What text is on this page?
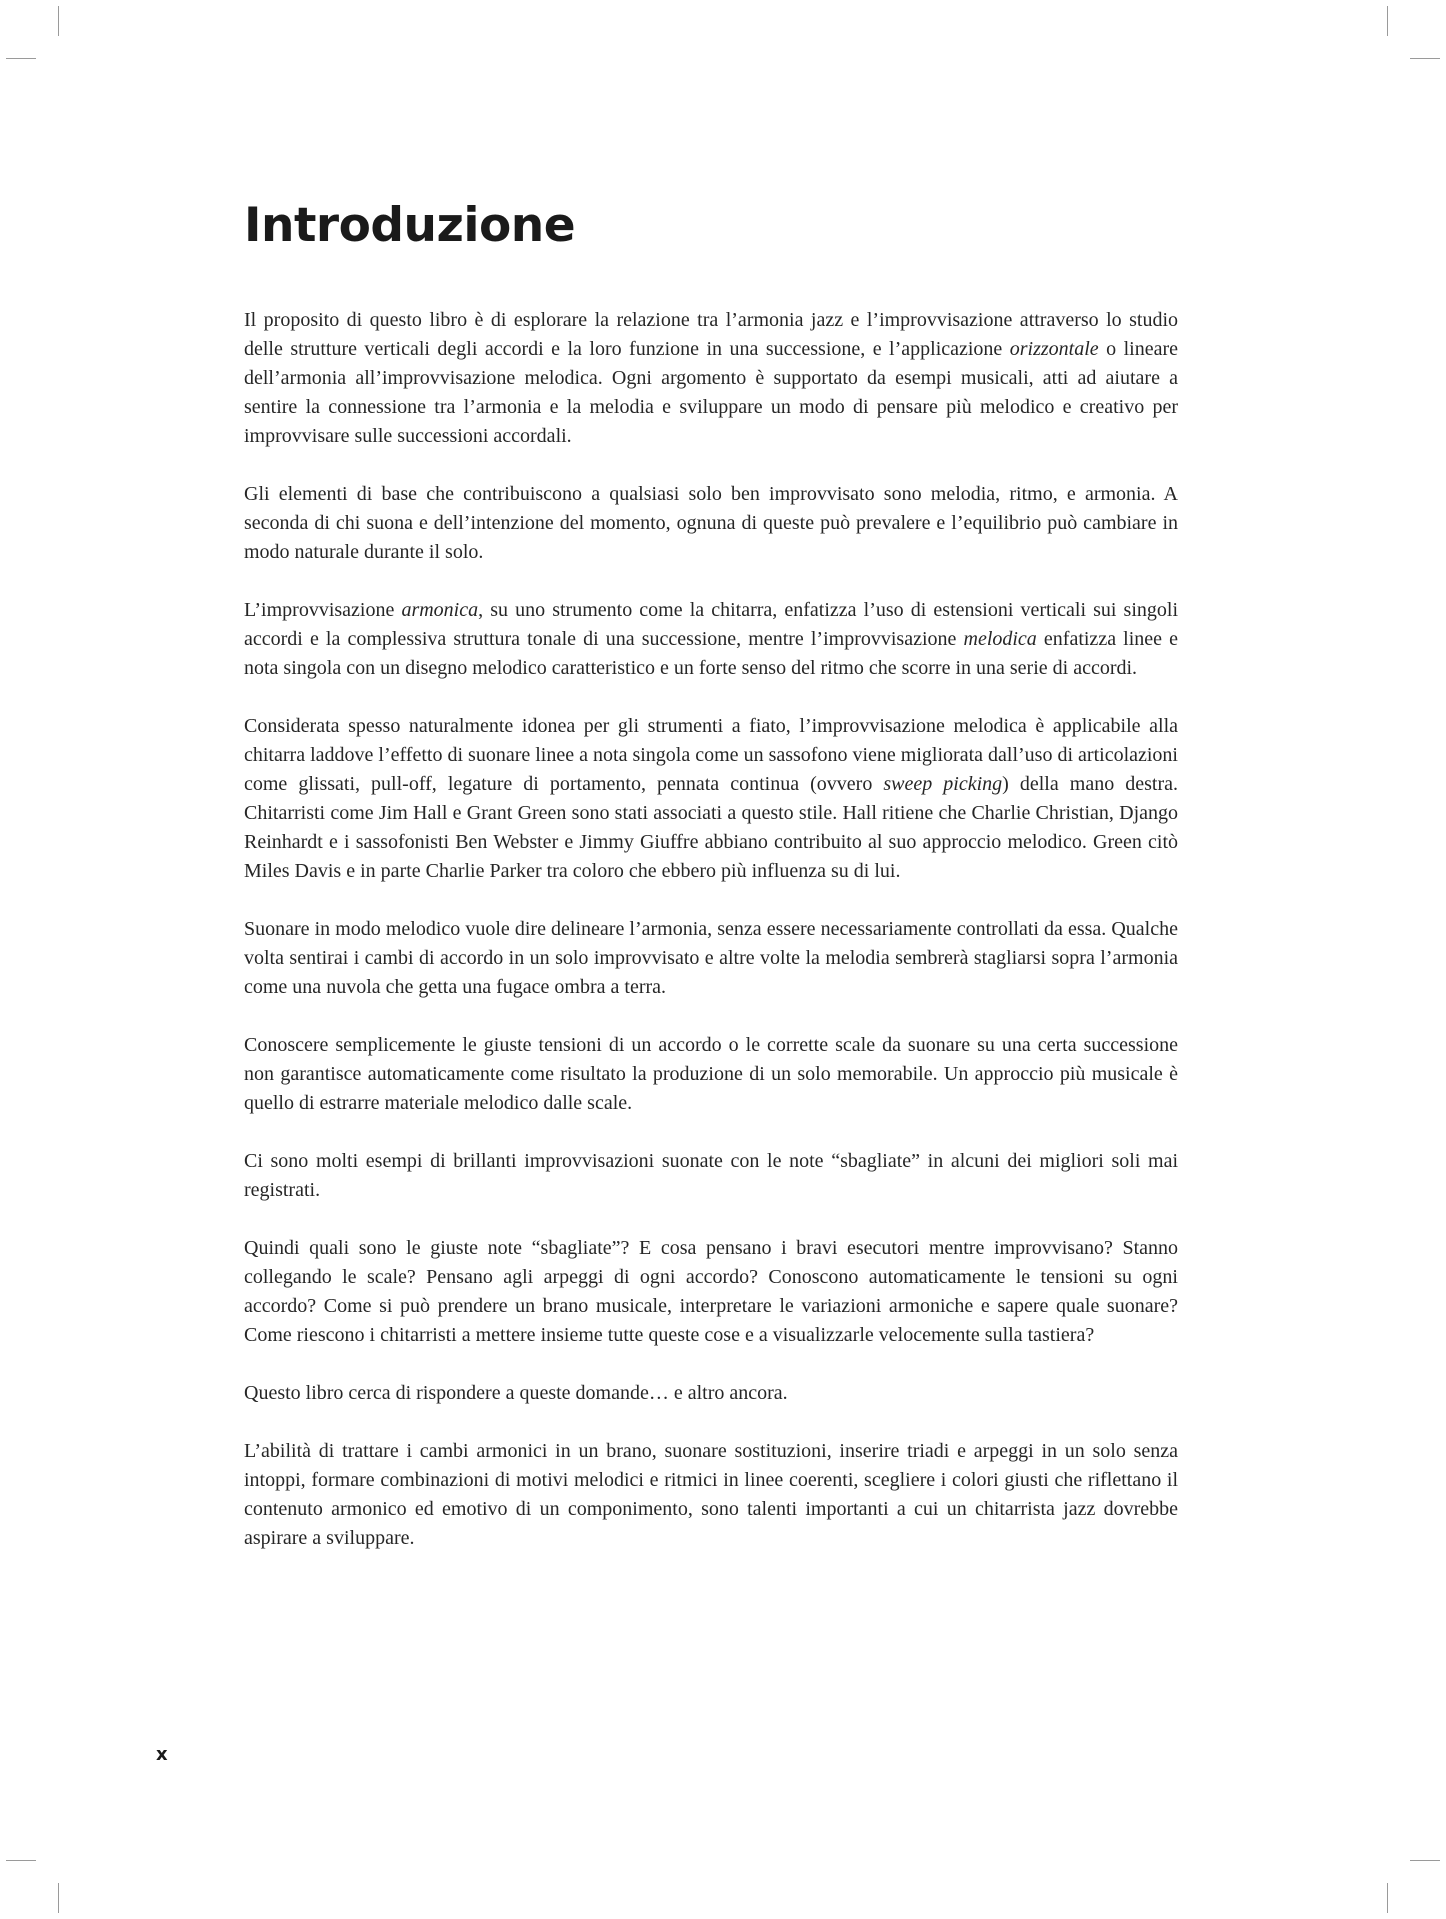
Introduzione

Il proposito di questo libro è di esplorare la relazione tra l’armonia jazz e l’improvvisazione attraverso lo studio delle strutture verticali degli accordi e la loro funzione in una successione, e l’applicazione orizzontale o lineare dell’armonia all’improvvisazione melodica. Ogni argomento è supportato da esempi musicali, atti ad aiutare a sentire la connessione tra l’armonia e la melodia e sviluppare un modo di pensare più melodico e creativo per improvvisare sulle successioni accordali.

Gli elementi di base che contribuiscono a qualsiasi solo ben improvvisato sono melodia, ritmo, e armonia. A seconda di chi suona e dell’intenzione del momento, ognuna di queste può prevalere e l’equilibrio può cambiare in modo naturale durante il solo.

L’improvvisazione armonica, su uno strumento come la chitarra, enfatizza l’uso di estensioni verticali sui singoli accordi e la complessiva struttura tonale di una successione, mentre l’improvvisazione melodica enfatizza linee e nota singola con un disegno melodico caratteristico e un forte senso del ritmo che scorre in una serie di accordi.

Considerata spesso naturalmente idonea per gli strumenti a fiato, l’improvvisazione melodica è applicabile alla chitarra laddove l’effetto di suonare linee a nota singola come un sassofono viene migliorata dall’uso di articolazioni come glissati, pull-off, legature di portamento, pennata continua (ovvero sweep picking) della mano destra. Chitarristi come Jim Hall e Grant Green sono stati associati a questo stile. Hall ritiene che Charlie Christian, Django Reinhardt e i sassofonisti Ben Webster e Jimmy Giuffre abbiano contribuito al suo approccio melodico. Green citò Miles Davis e in parte Charlie Parker tra coloro che ebbero più influenza su di lui.

Suonare in modo melodico vuole dire delineare l’armonia, senza essere necessariamente controllati da essa. Qualche volta sentirai i cambi di accordo in un solo improvvisato e altre volte la melodia sembrerà stagliarsi sopra l’armonia come una nuvola che getta una fugace ombra a terra.

Conoscere semplicemente le giuste tensioni di un accordo o le corrette scale da suonare su una certa successione non garantisce automaticamente come risultato la produzione di un solo memorabile. Un approccio più musicale è quello di estrarre materiale melodico dalle scale.

Ci sono molti esempi di brillanti improvvisazioni suonate con le note “sbagliate” in alcuni dei migliori soli mai registrati.

Quindi quali sono le giuste note “sbagliate”? E cosa pensano i bravi esecutori mentre improvvisano? Stanno collegando le scale? Pensano agli arpeggi di ogni accordo? Conoscono automaticamente le tensioni su ogni accordo? Come si può prendere un brano musicale, interpretare le variazioni armoniche e sapere quale suonare? Come riescono i chitarristi a mettere insieme tutte queste cose e a visualizzarle velocemente sulla tastiera?

Questo libro cerca di rispondere a queste domande… e altro ancora.

L’abilità di trattare i cambi armonici in un brano, suonare sostituzioni, inserire triadi e arpeggi in un solo senza intoppi, formare combinazioni di motivi melodici e ritmici in linee coerenti, scegliere i colori giusti che riflettano il contenuto armonico ed emotivo di un componimento, sono talenti importanti a cui un chitarrista jazz dovrebbe aspirare a sviluppare.

x
